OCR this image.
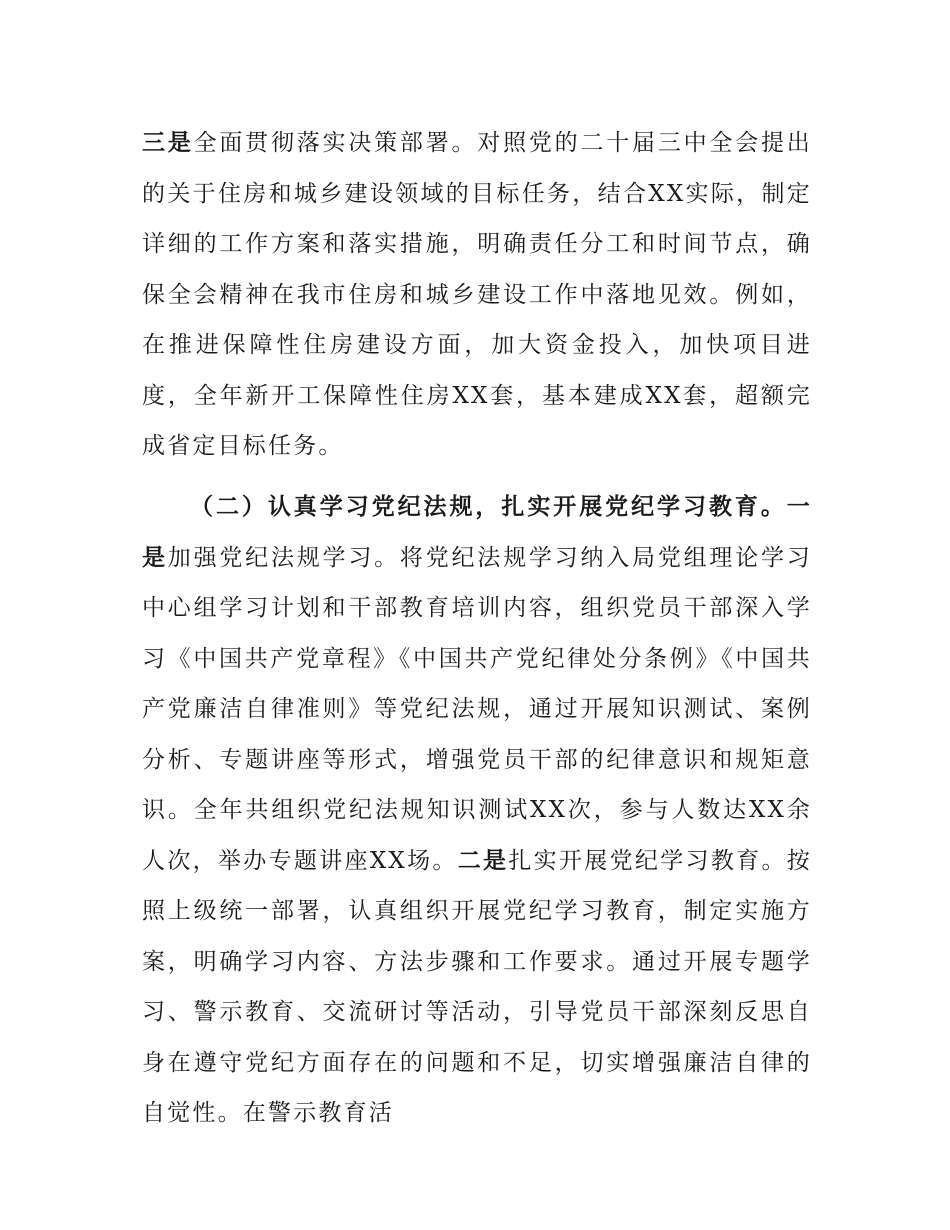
三是全面贯彻落实决策部署。对照党的二十届三中全会提出的关于住房和城乡建设领域的目标任务，结合XX实际，制定详细的工作方案和落实措施，明确责任分工和时间节点，确保全会精神在我市住房和城乡建设工作中落地见效。例如，在推进保障性住房建设方面，加大资金投入，加快项目进度，全年新开工保障性住房XX套，基本建成XX套，超额完成省定目标任务。

（二）认真学习党纪法规，扎实开展党纪学习教育。一是加强党纪法规学习。将党纪法规学习纳入局党组理论学习中心组学习计划和干部教育培训内容，组织党员干部深入学习《中国共产党章程》《中国共产党纪律处分条例》《中国共产党廉洁自律准则》等党纪法规，通过开展知识测试、案例分析、专题讲座等形式，增强党员干部的纪律意识和规矩意识。全年共组织党纪法规知识测试XX次，参与人数达XX余人次，举办专题讲座XX场。二是扎实开展党纪学习教育。按照上级统一部署，认真组织开展党纪学习教育，制定实施方案，明确学习内容、方法步骤和工作要求。通过开展专题学习、警示教育、交流研讨等活动，引导党员干部深刻反思自身在遵守党纪方面存在的问题和不足，切实增强廉洁自律的自觉性。在警示教育活
